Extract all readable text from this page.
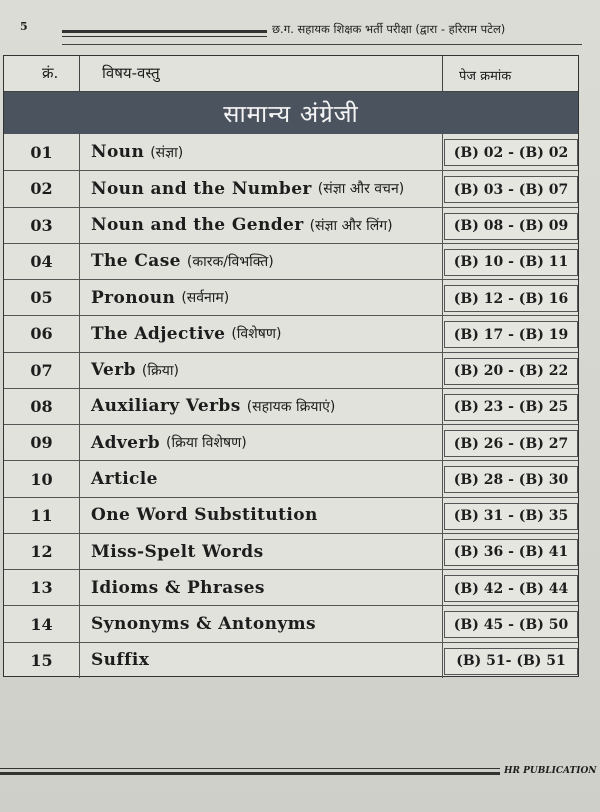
5	छ.ग. सहायक शिक्षक भर्ती परीक्षा (द्वारा - हरिराम पटेल)
क्रं.	विषय-वस्तु	पेज क्रमांक
सामान्य अंग्रेजी
01	Noun (संज्ञा)	(B) 02 - (B) 02
02	Noun and the Number (संज्ञा और वचन)	(B) 03 - (B) 07
03	Noun and the Gender (संज्ञा और लिंग)	(B) 08 - (B) 09
04	The Case (कारक/विभक्ति)	(B) 10 - (B) 11
05	Pronoun (सर्वनाम)	(B) 12 - (B) 16
06	The Adjective (विशेषण)	(B) 17 - (B) 19
07	Verb (क्रिया)	(B) 20 - (B) 22
08	Auxiliary Verbs (सहायक क्रियाएं)	(B) 23 - (B) 25
09	Adverb (क्रिया विशेषण)	(B) 26 - (B) 27
10	Article	(B) 28 - (B) 30
11	One Word Substitution	(B) 31 - (B) 35
12	Miss-Spelt Words	(B) 36 - (B) 41
13	Idioms & Phrases	(B) 42 - (B) 44
14	Synonyms & Antonyms	(B) 45 - (B) 50
15	Suffix	(B) 51- (B) 51
HR PUBLICATION
